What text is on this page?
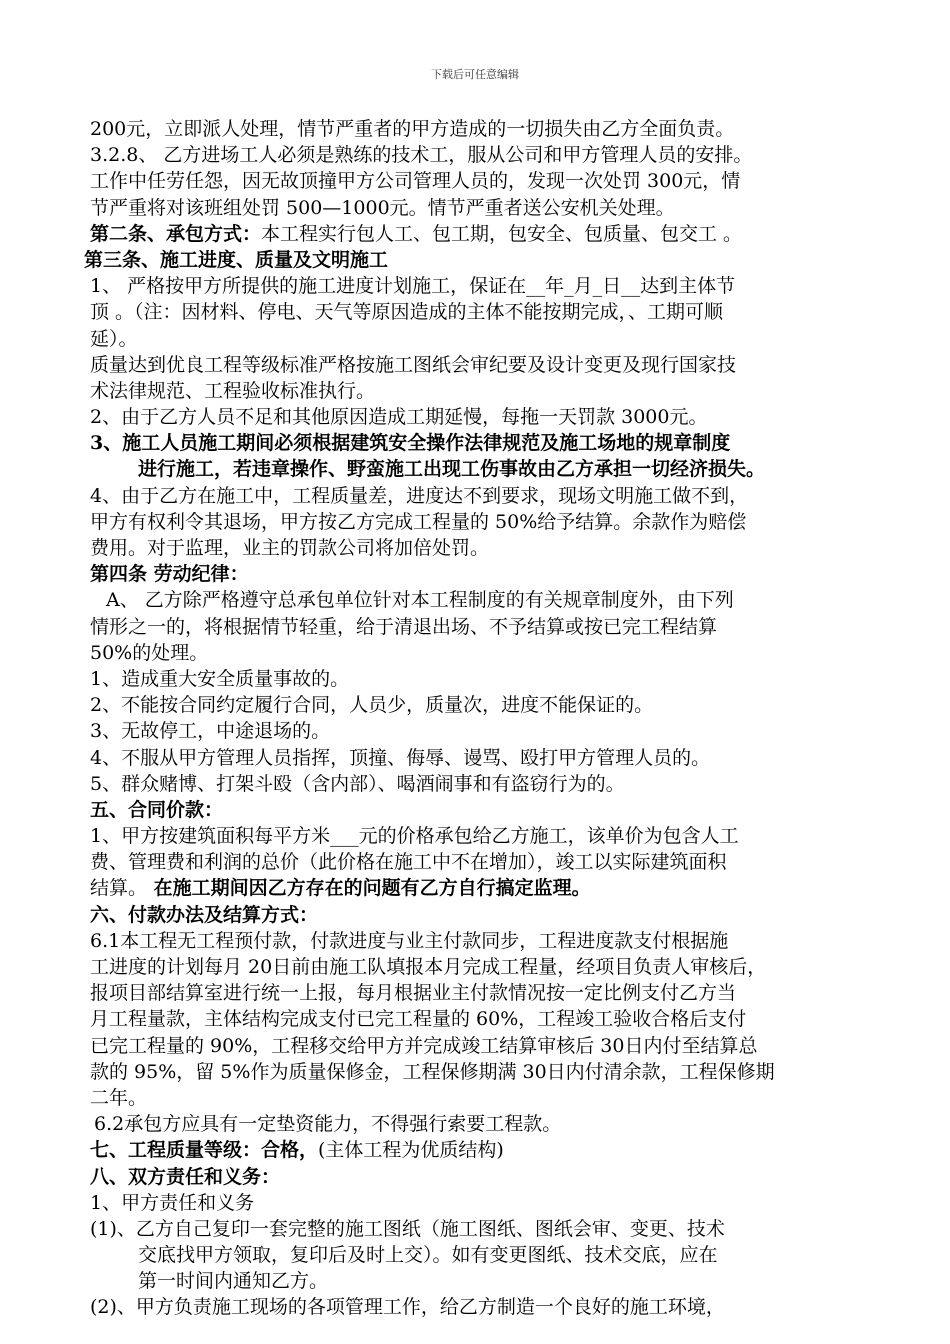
下载后可任意编辑
200元，立即派人处理，情节严重者的甲方造成的一切损失由乙方全面负责。
3.2.8、 乙方进场工人必须是熟练的技术工，服从公司和甲方管理人员的安排。
工作中任劳任怨，因无故顶撞甲方公司管理人员的，发现一次处罚 300元，情
节严重将对该班组处罚 500—1000元。情节严重者送公安机关处理。
第二条、承包方式：本工程实行包人工、包工期，包安全、包质量、包交工 。
第三条、施工进度、质量及文明施工
1、 严格按甲方所提供的施工进度计划施工，保证在__年_月_日__达到主体节
顶 。（注：因材料、停电、天气等原因造成的主体不能按期完成，、工期可顺
延）。
质量达到优良工程等级标准严格按施工图纸会审纪要及设计变更及现行国家技
术法律规范、工程验收标准执行。
2、由于乙方人员不足和其他原因造成工期延慢，每拖一天罚款 3000元。
3、施工人员施工期间必须根据建筑安全操作法律规范及施工场地的规章制度
进行施工，若违章操作、野蛮施工出现工伤事故由乙方承担一切经济损失。
4、由于乙方在施工中，工程质量差，进度达不到要求，现场文明施工做不到，
甲方有权利令其退场，甲方按乙方完成工程量的 50%给予结算。余款作为赔偿
费用。对于监理，业主的罚款公司将加倍处罚。
第四条 劳动纪律：
A、 乙方除严格遵守总承包单位针对本工程制度的有关规章制度外，由下列
情形之一的，将根据情节轻重，给于清退出场、不予结算或按已完工程结算
50%的处理。
1、造成重大安全质量事故的。
2、不能按合同约定履行合同，人员少，质量次，进度不能保证的。
3、无故停工，中途退场的。
4、不服从甲方管理人员指挥，顶撞、侮辱、谩骂、殴打甲方管理人员的。
5、群众赌博、打架斗殴（含内部）、喝酒闹事和有盗窃行为的。
五、合同价款：
1、甲方按建筑面积每平方米___元的价格承包给乙方施工，该单价为包含人工
费、管理费和利润的总价（此价格在施工中不在增加），竣工以实际建筑面积
结算。 在施工期间因乙方存在的问题有乙方自行搞定监理。
六、付款办法及结算方式：
6.1本工程无工程预付款，付款进度与业主付款同步，工程进度款支付根据施
工进度的计划每月 20日前由施工队填报本月完成工程量，经项目负责人审核后，
报项目部结算室进行统一上报，每月根据业主付款情况按一定比例支付乙方当
月工程量款，主体结构完成支付已完工程量的 60%，工程竣工验收合格后支付
已完工程量的 90%，工程移交给甲方并完成竣工结算审核后 30日内付至结算总
款的 95%，留 5%作为质量保修金，工程保修期满 30日内付清余款，工程保修期
二年。
6.2承包方应具有一定垫资能力，不得强行索要工程款。
七、工程质量等级：合格，(主体工程为优质结构)
八、双方责任和义务：
1、甲方责任和义务
(1)、乙方自己复印一套完整的施工图纸（施工图纸、图纸会审、变更、技术
交底找甲方领取，复印后及时上交）。如有变更图纸、技术交底，应在
第一时间内通知乙方。
(2)、甲方负责施工现场的各项管理工作，给乙方制造一个良好的施工环境，
